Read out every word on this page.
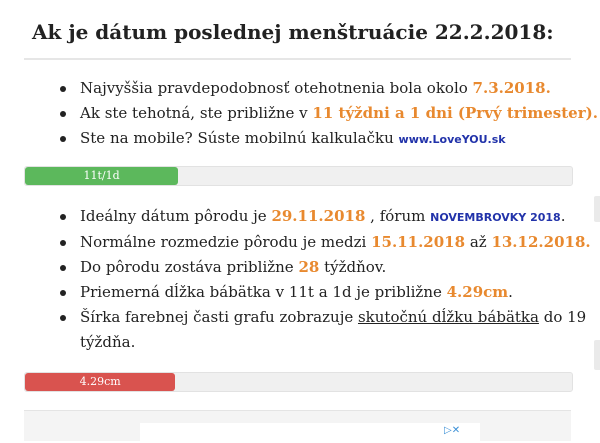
Ak je dátum poslednej menštruácie 22.2.2018:
Najvyššia pravdepodobnosť otehotnenia bola okolo 7.3.2018.
Ak ste tehotná, ste približne v 11 týždni a 1 dni (Prvý trimester).
Ste na mobile? Súste mobilnú kalkulačku www.LoveYOU.sk
11t/1d
Ideálny dátum pôrodu je 29.11.2018 , fórum NOVEMBROVKY 2018.
Normálne rozmedzie pôrodu je medzi 15.11.2018 až 13.12.2018.
Do pôrodu zostáva približne 28 týždňov.
Priemerná dĺžka bábätka v 11t a 1d je približne 4.29cm.
Šírka farebnej časti grafu zobrazuje skutočnú dĺžku bábätka do 19 týždňa.
4.29cm
▷✕
